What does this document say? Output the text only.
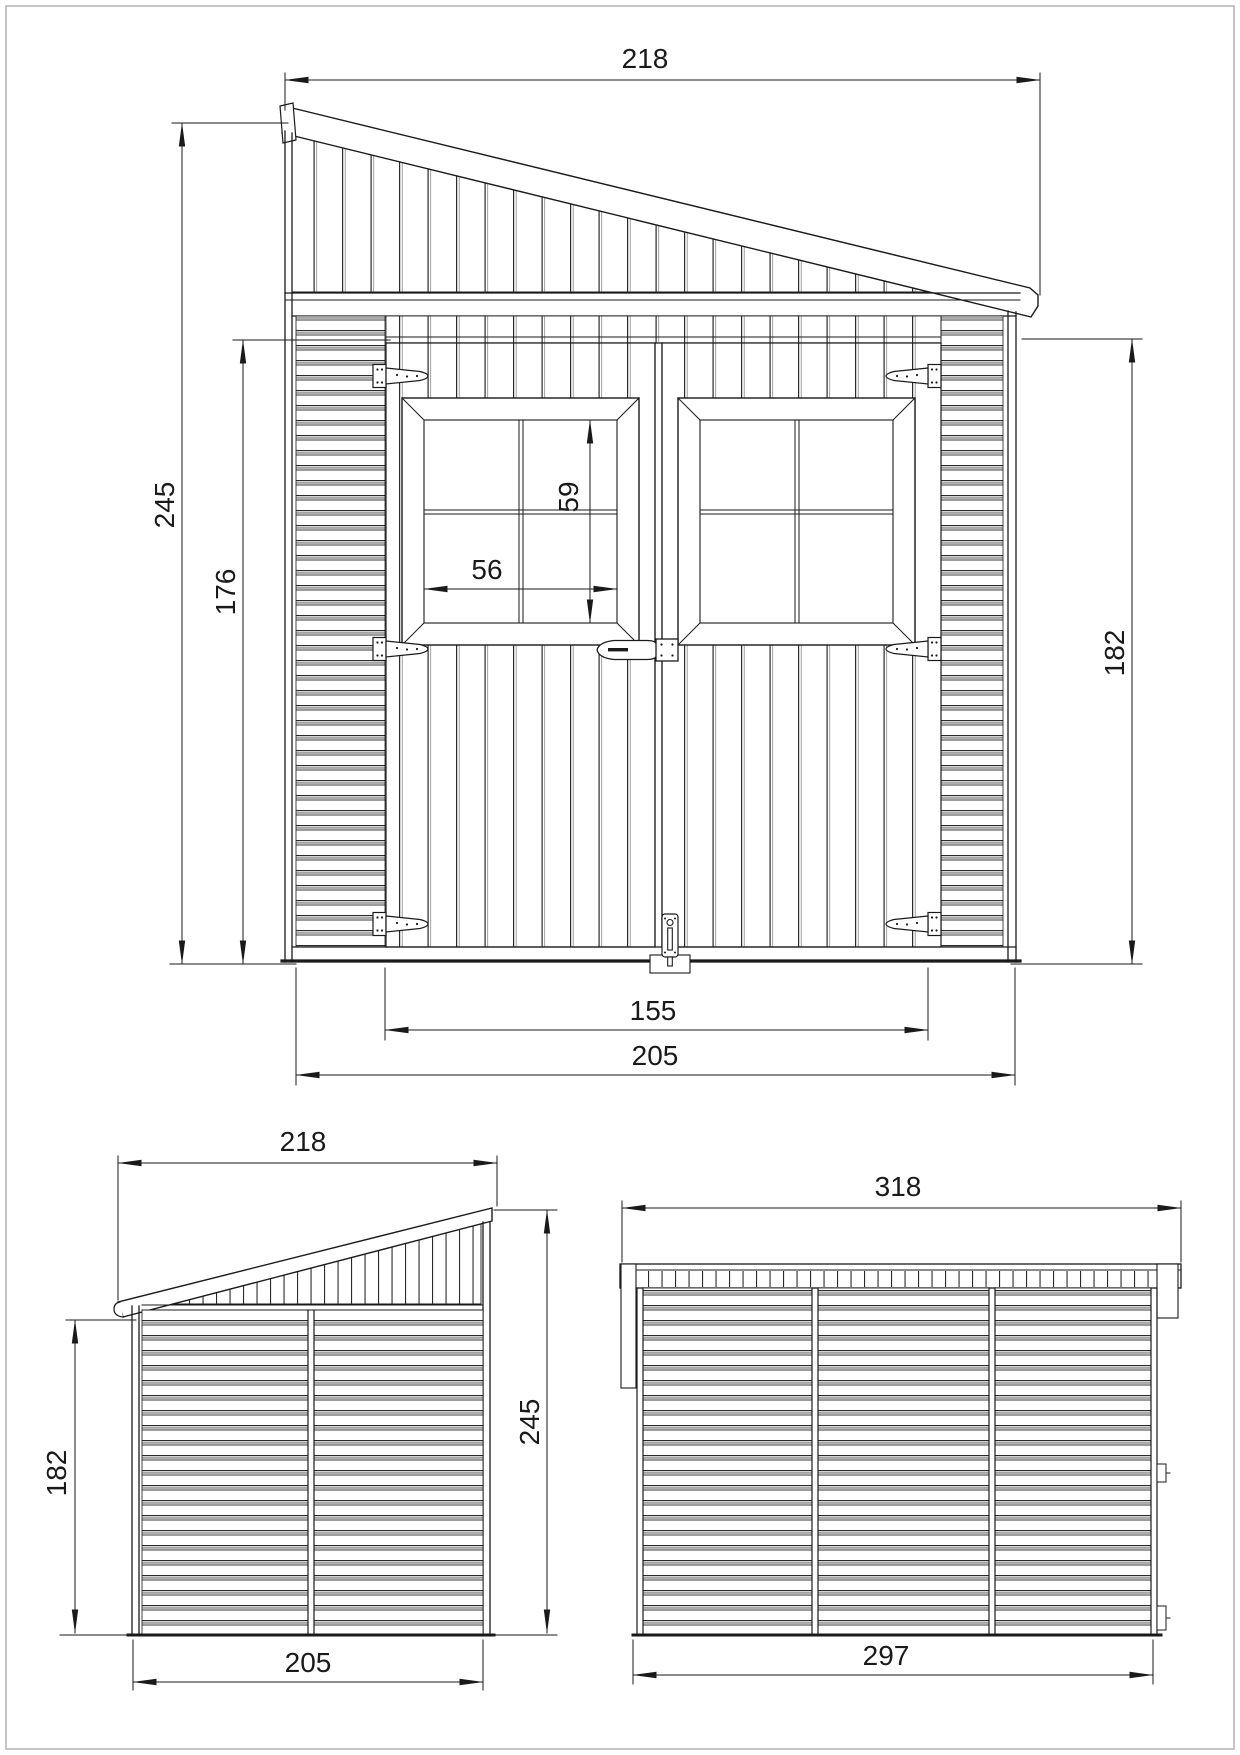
218
245
176
182
56
59
155
205
218
182
245
205
318
297
